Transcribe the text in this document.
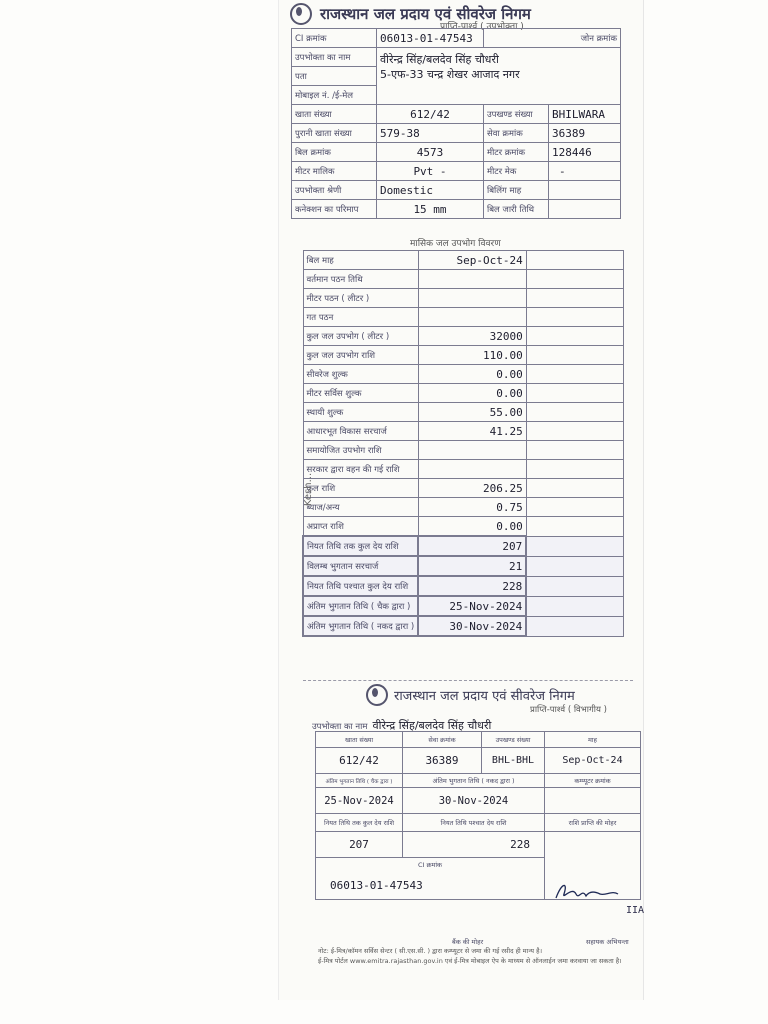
राजस्थान जल प्रदाय एवं सीवरेज निगम
प्राप्ति-पार्श्व ( उपभोक्ता )
CI क्रमांक	06013-01-47543	जोन क्रमांक	
उपभोक्ता का नाम	वीरेन्द्र सिंह/बलदेव सिंह चौधरी
5-एफ-33 चन्द्र शेखर आजाद नगर		

पता			
मोबाइल नं. /ई-मेल			
खाता संख्या	612/42	उपखण्ड संख्या	BHILWARA
पुरानी खाता संख्या	579-38	सेवा क्रमांक	36389
बिल क्रमांक	4573	मीटर क्रमांक	128446
मीटर मालिक	Pvt -	मीटर मेक	-
उपभोक्ता श्रेणी	Domestic	बिलिंग माह	
कनेक्शन का परिमाप	15 mm	बिल जारी तिथि	
मासिक जल उपभोग विवरण
बिल माह	Sep-Oct-24	
वर्तमान पठन तिथि		
मीटर पठन ( लीटर )		
गत पठन		
कुल जल उपभोग ( लीटर )	32000	
कुल जल उपभोग राशि	110.00	
सीवरेज शुल्क	0.00	
मीटर सर्विस शुल्क	0.00	
स्थायी शुल्क	55.00	
आधारभूत विकास सरचार्ज	41.25	
समायोजित उपभोग राशि		
सरकार द्वारा वहन की गई राशि		
कुल राशि	206.25	
ब्याज/अन्य	0.75	
अप्राप्त राशि	0.00	
नियत तिथि तक कुल देय राशि	207	
विलम्ब भुगतान सरचार्ज	21	
नियत तिथि पश्चात कुल देय राशि	228	
अंतिम भुगतान तिथि ( चैक द्वारा )	25-Nov-2024	
अंतिम भुगतान तिथि ( नकद द्वारा )	30-Nov-2024	
Kesh...
राजस्थान जल प्रदाय एवं सीवरेज निगम
प्राप्ति-पार्श्व ( विभागीय )
उपभोक्ता का नाम वीरेन्द्र सिंह/बलदेव सिंह चौधरी
खाता संख्या	सेवा क्रमांक	उपखण्ड संख्या	माह
612/42	36389	BHL-BHL	Sep-Oct-24
अंतिम भुगतान तिथि ( चैक द्वारा )	अंतिम भुगतान तिथि ( नकद द्वारा )		कम्प्यूटर क्रमांक
25-Nov-2024	30-Nov-2024		
नियत तिथि तक कुल देय राशि	नियत तिथि पश्चात देय राशि		राशि प्राप्ति की मोहर
207	228		
CI क्रमांक			
06013-01-47543			
IIA
बैंक की मोहर	सहायक अभियन्ता
नोट: ई-मित्र/कॉमन सर्विस सेन्टर ( सी.एस.सी. ) द्वारा कम्प्यूटर से जमा की गई रसीद ही मान्य है।
ई-मित्र पोर्टल www.emitra.rajasthan.gov.in एवं ई-मित्र मोबाइल ऐप के माध्यम से ऑनलाईन जमा करवाया जा सकता है।
